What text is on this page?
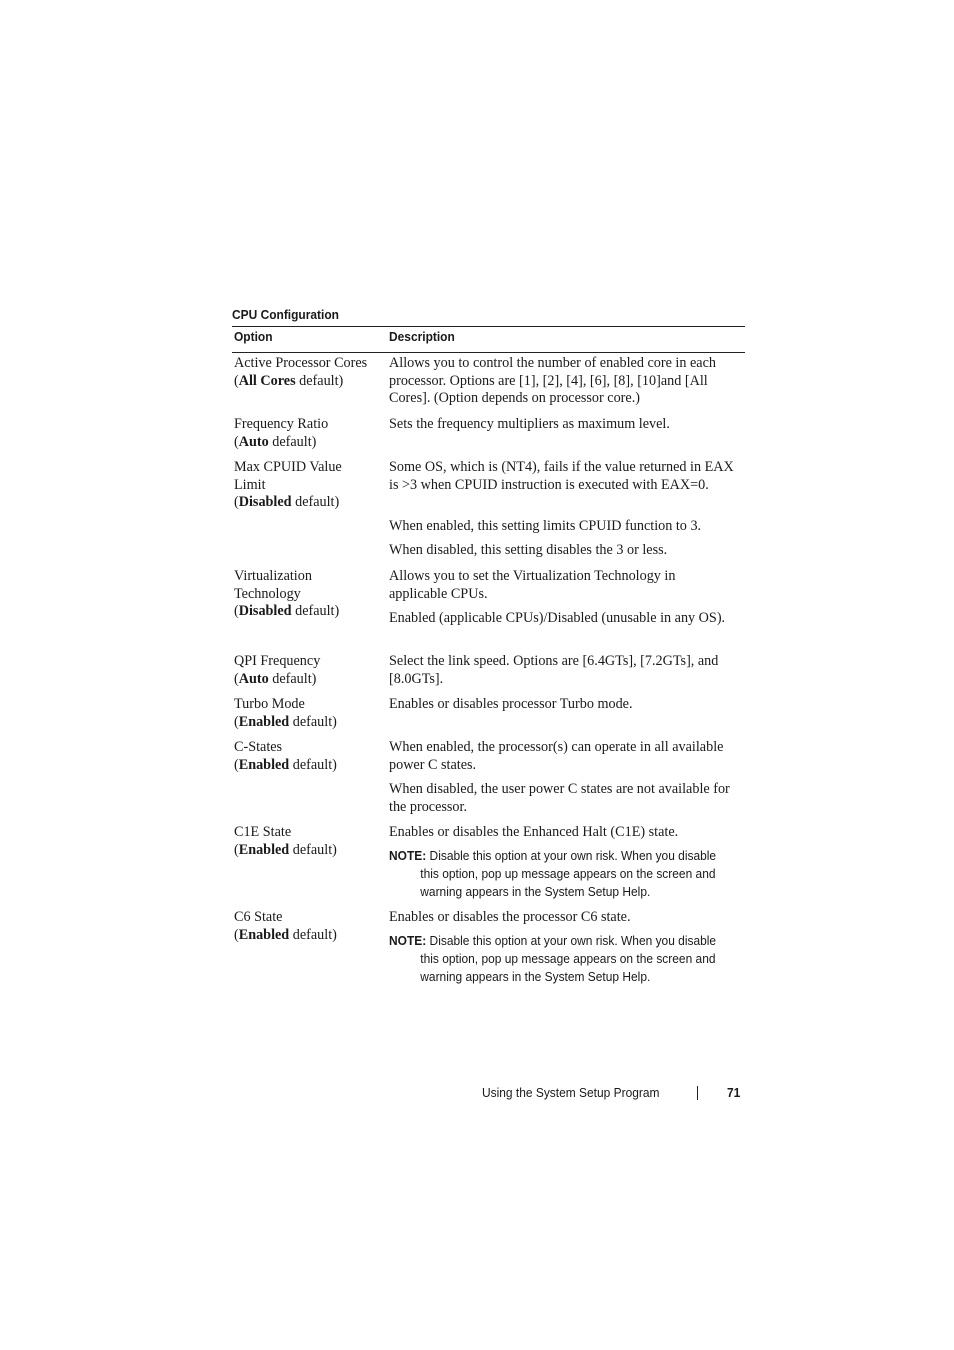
CPU Configuration
Option	Description
Active Processor Cores
(All Cores default)
Allows you to control the number of enabled core in each processor. Options are [1], [2], [4], [6], [8], [10]and [All Cores]. (Option depends on processor core.)
Frequency Ratio
(Auto default)
Sets the frequency multipliers as maximum level.
Max CPUID Value Limit
(Disabled default)
Some OS, which is (NT4), fails if the value returned in EAX is >3 when CPUID instruction is executed with EAX=0.
When enabled, this setting limits CPUID function to 3.
When disabled, this setting disables the 3 or less.
Virtualization Technology
(Disabled default)
Allows you to set the Virtualization Technology in applicable CPUs.
Enabled (applicable CPUs)/Disabled (unusable in any OS).
QPI Frequency
(Auto default)
Select the link speed. Options are [6.4GTs], [7.2GTs], and [8.0GTs].
Turbo Mode
(Enabled default)
Enables or disables processor Turbo mode.
C-States
(Enabled default)
When enabled, the processor(s) can operate in all available power C states.
When disabled, the user power C states are not available for the processor.
C1E State
(Enabled default)
Enables or disables the Enhanced Halt (C1E) state.
NOTE: Disable this option at your own risk. When you disable
this option, pop up message appears on the screen and
warning appears in the System Setup Help.
C6 State
(Enabled default)
Enables or disables the processor C6 state.
NOTE: Disable this option at your own risk. When you disable
this option, pop up message appears on the screen and
warning appears in the System Setup Help.
Using the System Setup Program	71
